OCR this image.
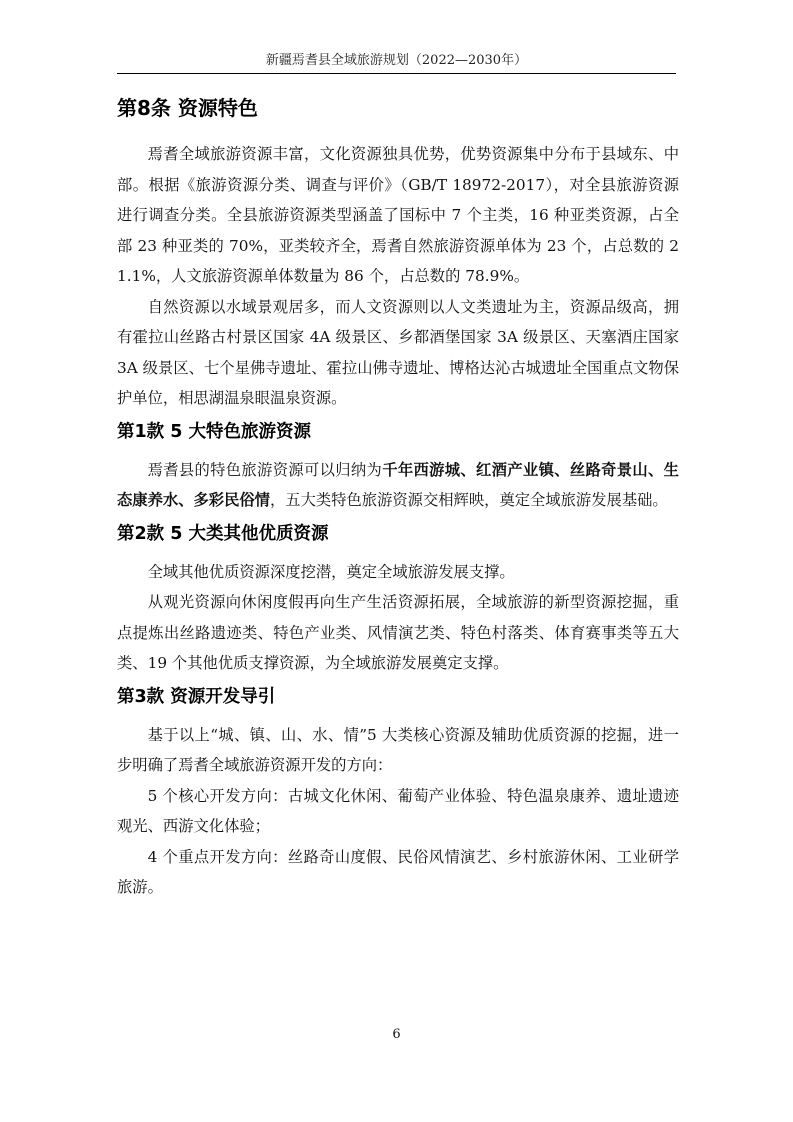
新疆焉耆县全域旅游规划（2022—2030年）
第8条 资源特色

焉耆全域旅游资源丰富，文化资源独具优势，优势资源集中分布于县域东、中部。根据《旅游资源分类、调查与评价》（GB/T 18972-2017），对全县旅游资源进行调查分类。全县旅游资源类型涵盖了国标中 7 个主类，16 种亚类资源，占全部 23 种亚类的 70%，亚类较齐全，焉耆自然旅游资源单体为 23 个，占总数的 21.1%，人文旅游资源单体数量为 86 个，占总数的 78.9%。

自然资源以水域景观居多，而人文资源则以人文类遗址为主，资源品级高，拥有霍拉山丝路古村景区国家 4A 级景区、乡都酒堡国家 3A 级景区、天塞酒庄国家 3A 级景区、七个星佛寺遗址、霍拉山佛寺遗址、博格达沁古城遗址全国重点文物保护单位，相思湖温泉眼温泉资源。

第1款 5 大特色旅游资源

焉耆县的特色旅游资源可以归纳为千年西游城、红酒产业镇、丝路奇景山、生态康养水、多彩民俗情，五大类特色旅游资源交相辉映，奠定全域旅游发展基础。

第2款 5 大类其他优质资源

全域其他优质资源深度挖潜，奠定全域旅游发展支撑。

从观光资源向休闲度假再向生产生活资源拓展，全域旅游的新型资源挖掘，重点提炼出丝路遗迹类、特色产业类、风情演艺类、特色村落类、体育赛事类等五大类、19 个其他优质支撑资源，为全域旅游发展奠定支撑。

第3款 资源开发导引

基于以上“城、镇、山、水、情”5 大类核心资源及辅助优质资源的挖掘，进一步明确了焉耆全域旅游资源开发的方向：

5 个核心开发方向：古城文化休闲、葡萄产业体验、特色温泉康养、遗址遗迹观光、西游文化体验；

4 个重点开发方向：丝路奇山度假、民俗风情演艺、乡村旅游休闲、工业研学旅游。

6
